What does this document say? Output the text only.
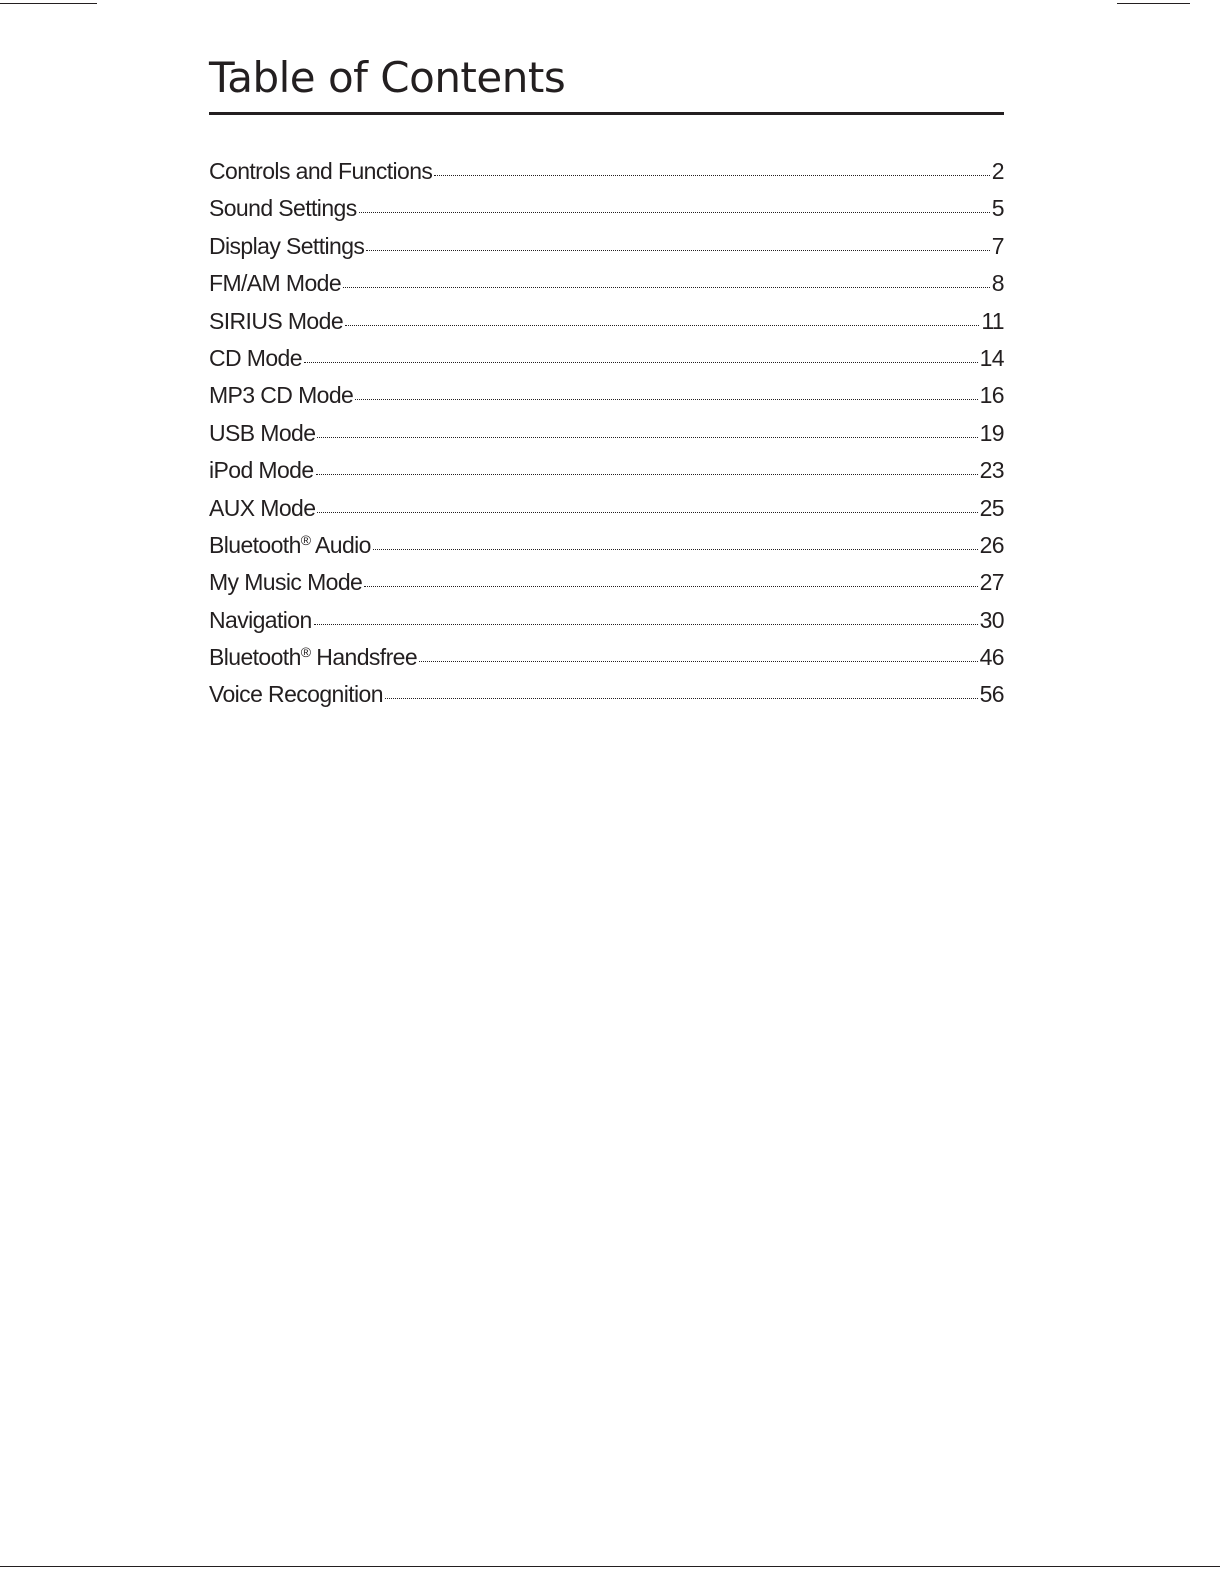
Table of Contents
Controls and Functions	2
Sound Settings	5
Display Settings	7
FM/AM Mode	8
SIRIUS Mode	11
CD Mode	14
MP3 CD Mode	16
USB Mode	19
iPod Mode	23
AUX Mode	25
Bluetooth® Audio	26
My Music Mode	27
Navigation	30
Bluetooth® Handsfree	46
Voice Recognition	56
